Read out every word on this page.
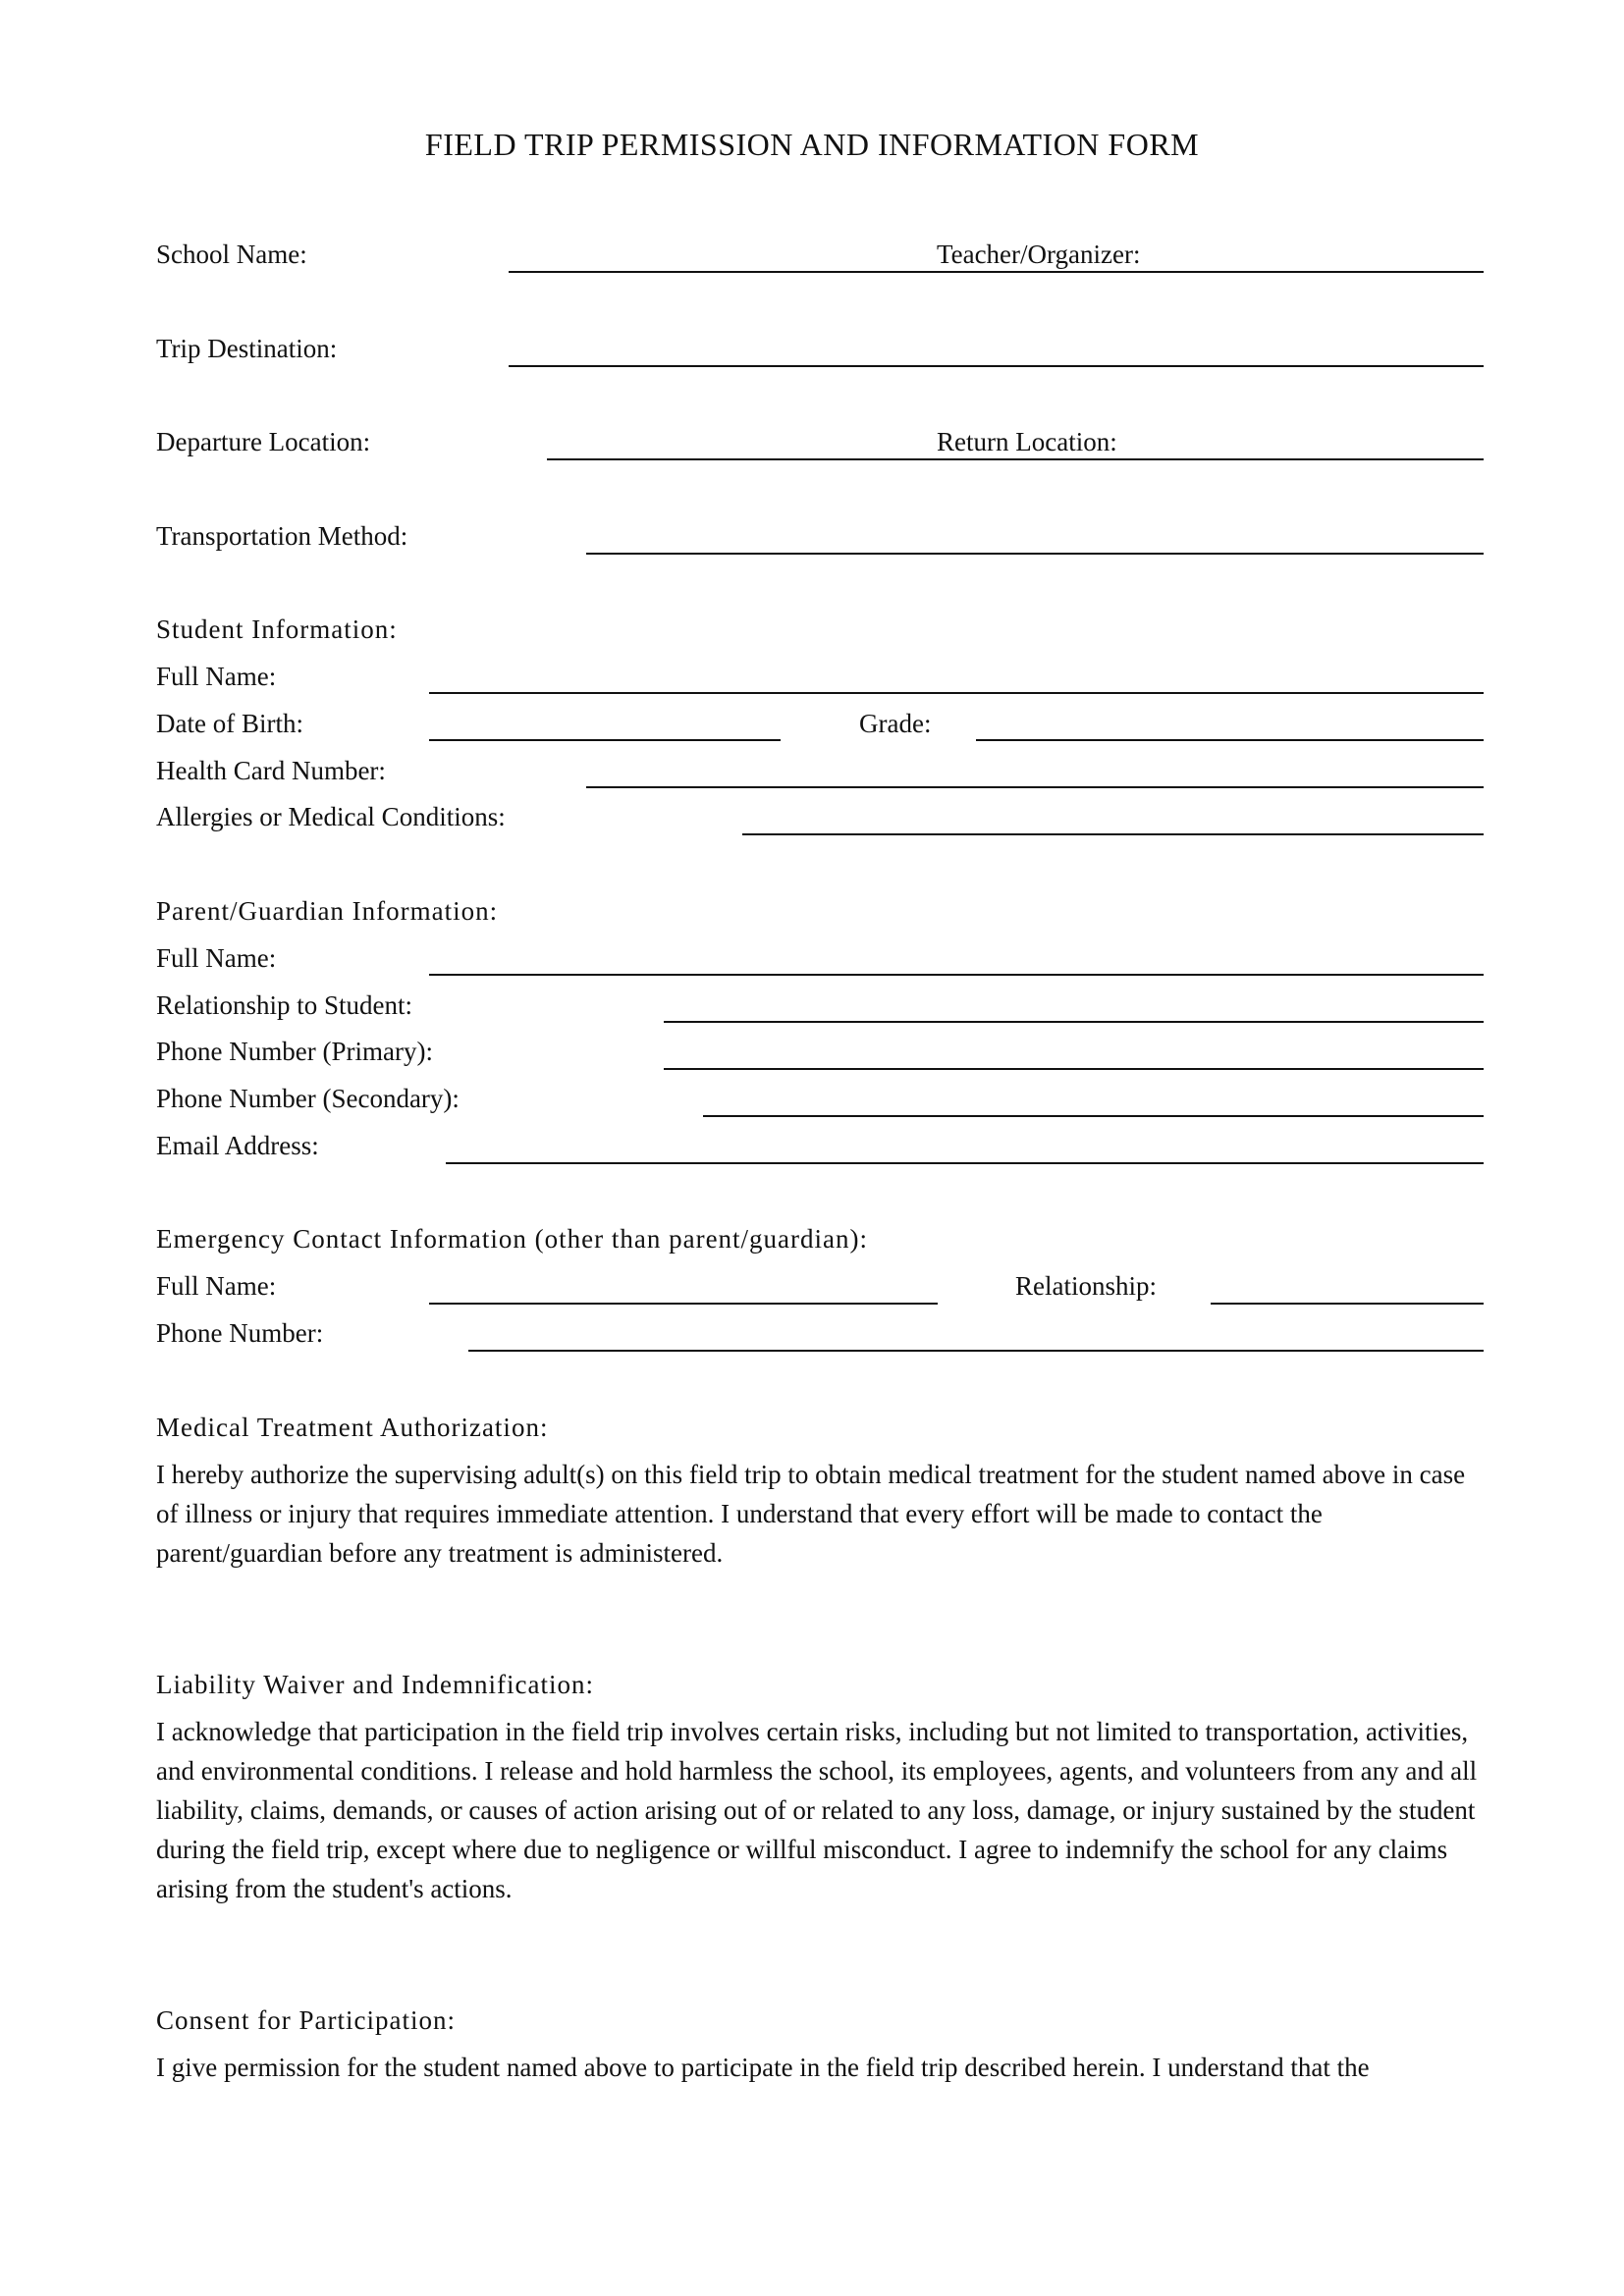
FIELD TRIP PERMISSION AND INFORMATION FORM
School Name:	Teacher/Organizer:
Trip Destination:
Departure Location:	Return Location:
Transportation Method:
Student Information:
Full Name:
Date of Birth:	Grade:
Health Card Number:
Allergies or Medical Conditions:
Parent/Guardian Information:
Full Name:
Relationship to Student:
Phone Number (Primary):
Phone Number (Secondary):
Email Address:
Emergency Contact Information (other than parent/guardian):
Full Name:	Relationship:
Phone Number:
Medical Treatment Authorization:
I hereby authorize the supervising adult(s) on this field trip to obtain medical treatment for the student named above in case of illness or injury that requires immediate attention. I understand that every effort will be made to contact the parent/guardian before any treatment is administered.
Liability Waiver and Indemnification:
I acknowledge that participation in the field trip involves certain risks, including but not limited to transportation, activities, and environmental conditions. I release and hold harmless the school, its employees, agents, and volunteers from any and all liability, claims, demands, or causes of action arising out of or related to any loss, damage, or injury sustained by the student during the field trip, except where due to negligence or willful misconduct. I agree to indemnify the school for any claims arising from the student's actions.
Consent for Participation:
I give permission for the student named above to participate in the field trip described herein. I understand that the
